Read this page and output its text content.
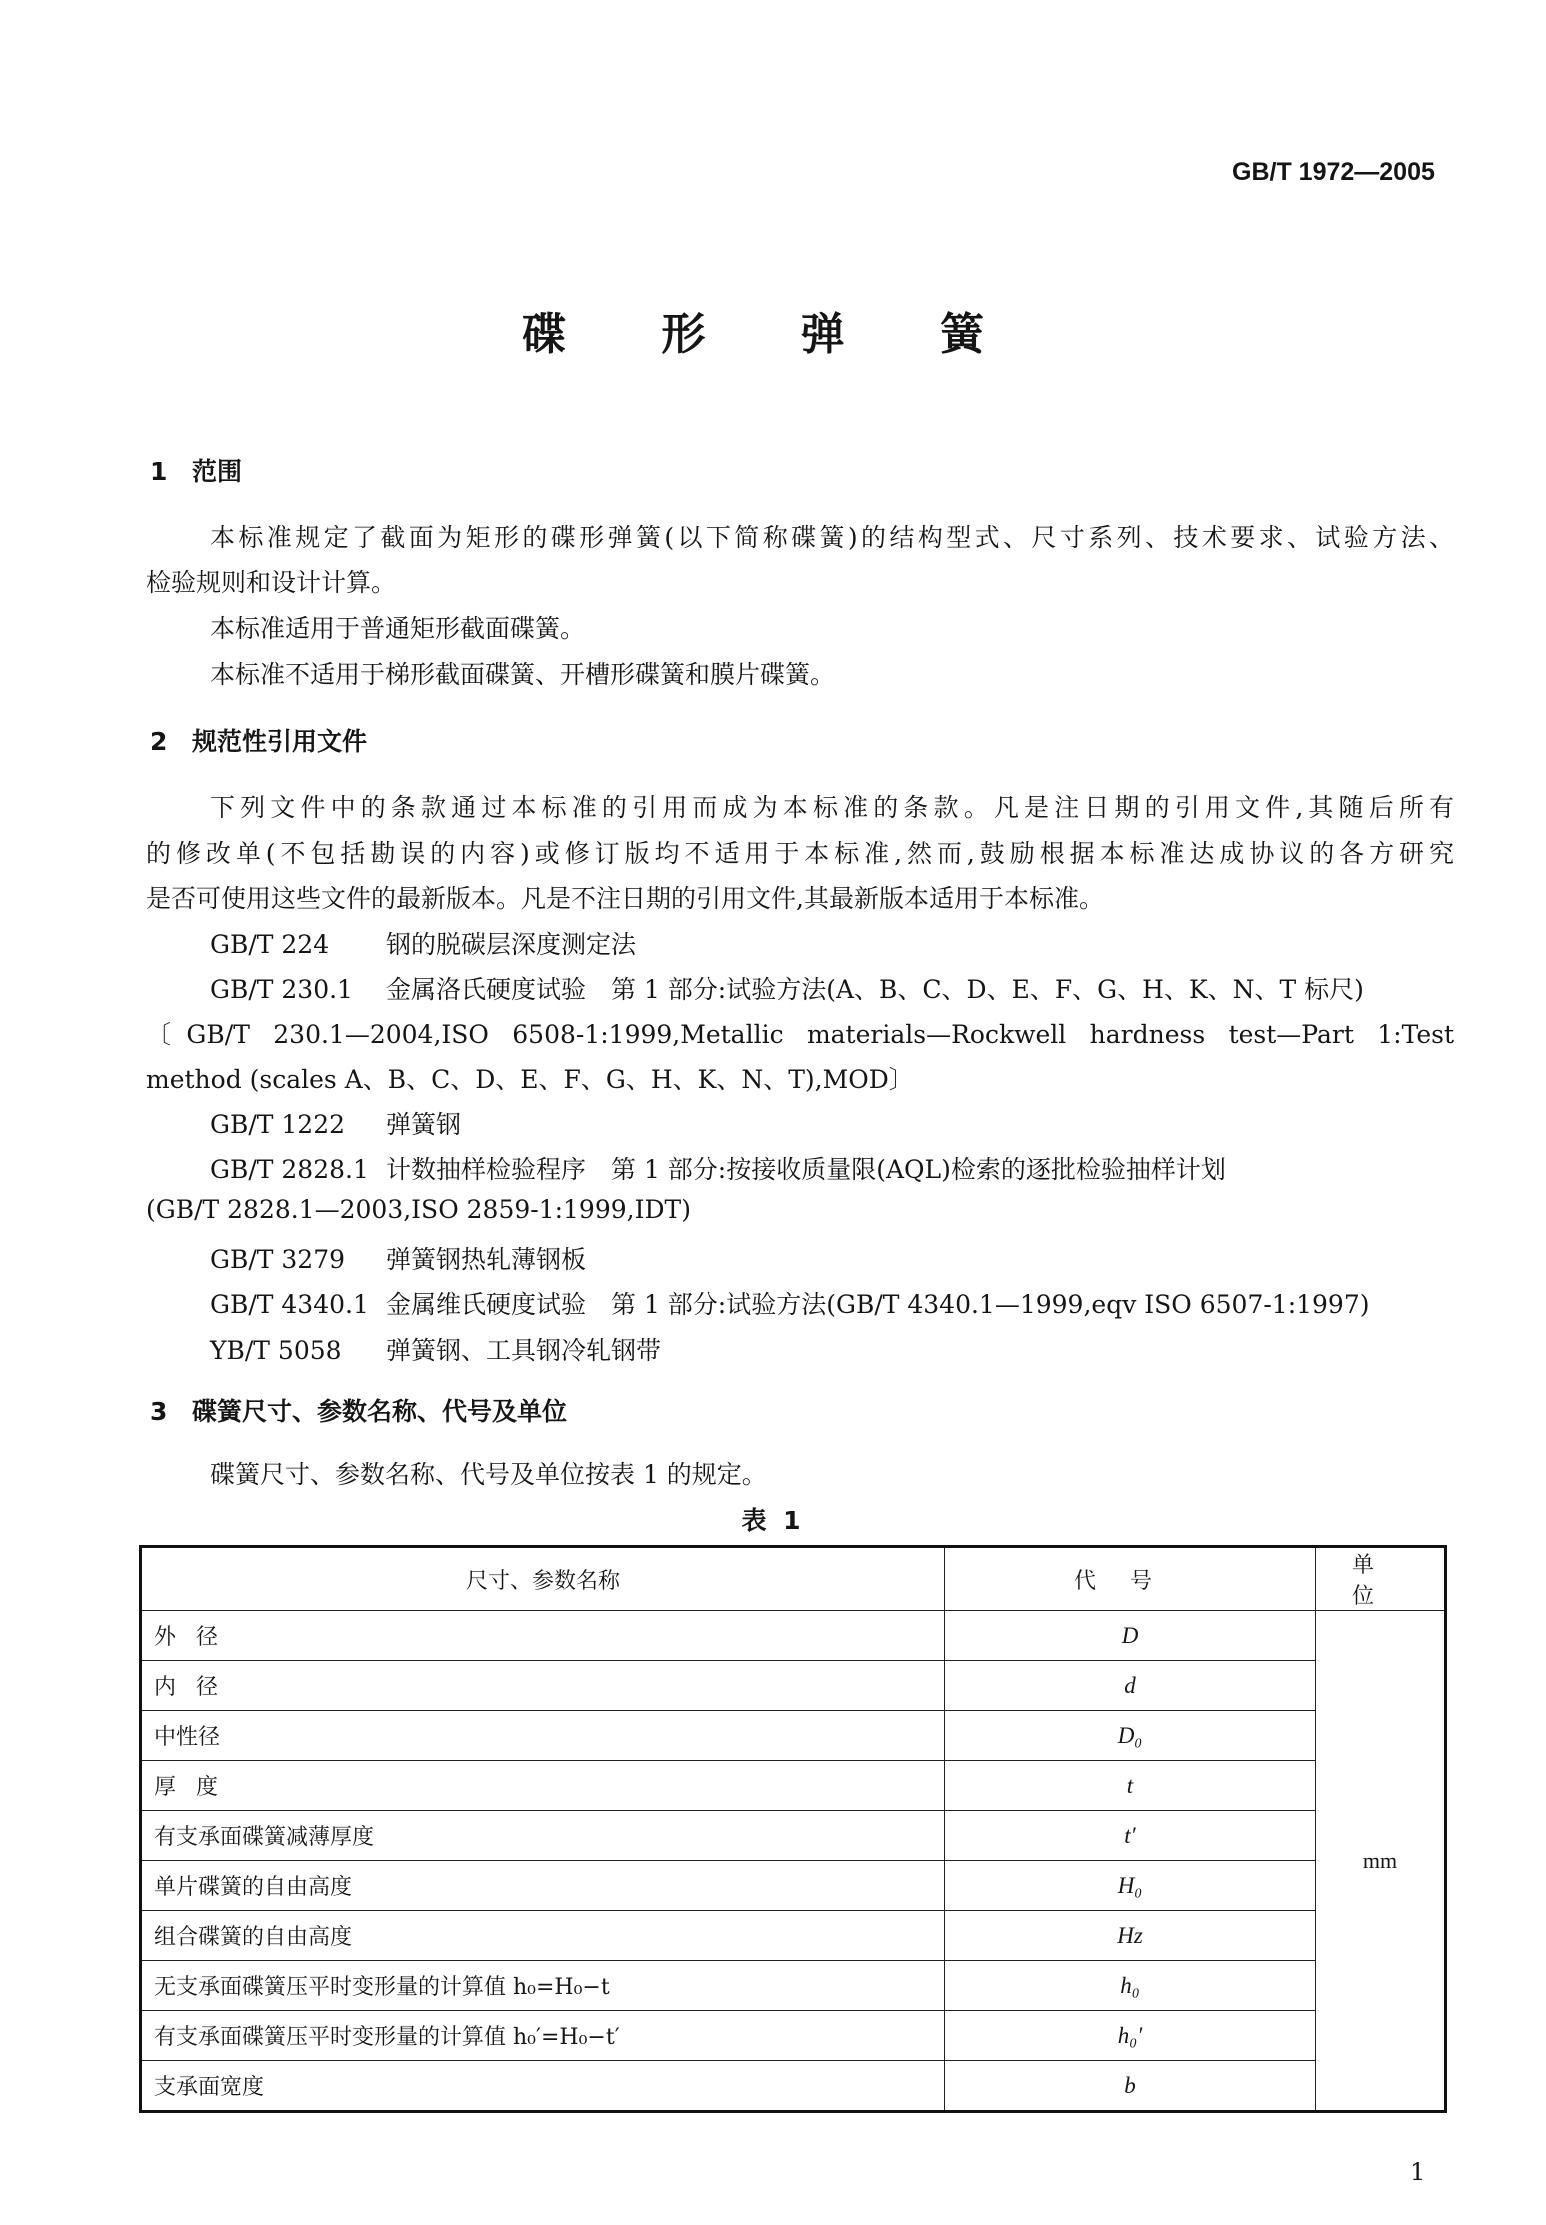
GB/T 1972—2005
碟 形 弹 簧
1 范围
本标准规定了截面为矩形的碟形弹簧(以下简称碟簧)的结构型式、尺寸系列、技术要求、试验方法、
检验规则和设计计算。
本标准适用于普通矩形截面碟簧。
本标准不适用于梯形截面碟簧、开槽形碟簧和膜片碟簧。
2 规范性引用文件
下列文件中的条款通过本标准的引用而成为本标准的条款。凡是注日期的引用文件,其随后所有
的修改单(不包括勘误的内容)或修订版均不适用于本标准,然而,鼓励根据本标准达成协议的各方研究
是否可使用这些文件的最新版本。凡是不注日期的引用文件,其最新版本适用于本标准。
GB/T 224 钢的脱碳层深度测定法
GB/T 230.1 金属洛氏硬度试验　第 1 部分:试验方法(A、B、C、D、E、F、G、H、K、N、T 标尺)
〔GB/T 230.1—2004,ISO 6508-1:1999,Metallic materials—Rockwell hardness test—Part 1:Test
method (scales A、B、C、D、E、F、G、H、K、N、T),MOD〕
GB/T 1222 弹簧钢
GB/T 2828.1 计数抽样检验程序　第 1 部分:按接收质量限(AQL)检索的逐批检验抽样计划
(GB/T 2828.1—2003,ISO 2859-1:1999,IDT)
GB/T 3279 弹簧钢热轧薄钢板
GB/T 4340.1 金属维氏硬度试验　第 1 部分:试验方法(GB/T 4340.1—1999,eqv ISO 6507-1:1997)
YB/T 5058 弹簧钢、工具钢冷轧钢带
3 碟簧尺寸、参数名称、代号及单位
碟簧尺寸、参数名称、代号及单位按表 1 的规定。
表 1
尺寸、参数名称	代号	单位
外径	D	mm
内径	d	
中性径	D₀	
厚度	t	
有支承面碟簧减薄厚度	t′	
单片碟簧的自由高度	H₀	
组合碟簧的自由高度	Hz	
无支承面碟簧压平时变形量的计算值 h₀=H₀−t	h₀	
有支承面碟簧压平时变形量的计算值 h₀′=H₀−t′	h₀′	
支承面宽度	b	
1
